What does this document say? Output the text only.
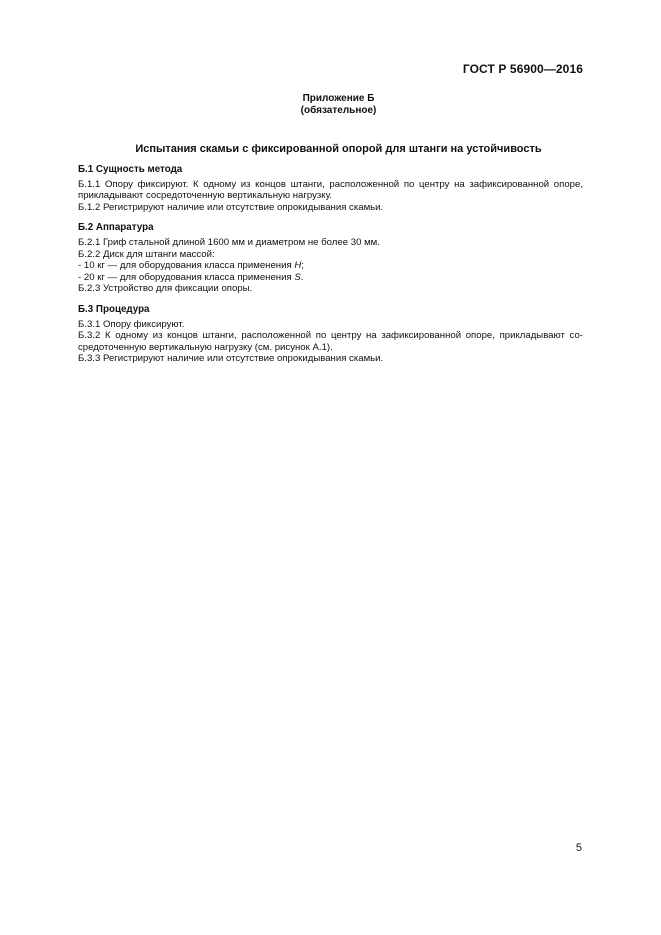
ГОСТ Р 56900—2016
Приложение Б
(обязательное)
Испытания скамьи с фиксированной опорой для штанги на устойчивость
Б.1 Сущность метода
Б.1.1 Опору фиксируют. К одному из концов штанги, расположенной по центру на зафиксированной опоре,
прикладывают сосредоточенную вертикальную нагрузку.
Б.1.2 Регистрируют наличие или отсутствие опрокидывания скамьи.
Б.2 Аппаратура
Б.2.1 Гриф стальной длиной 1600 мм и диаметром не более 30 мм.
Б.2.2 Диск для штанги массой:
- 10 кг — для оборудования класса применения Н;
- 20 кг — для оборудования класса применения S.
Б.2.3 Устройство для фиксации опоры.
Б.3 Процедура
Б.3.1 Опору фиксируют.
Б.3.2 К одному из концов штанги, расположенной по центру на зафиксированной опоре, прикладывают со-
средоточенную вертикальную нагрузку (см. рисунок А.1).
Б.3.3 Регистрируют наличие или отсутствие опрокидывания скамьи.
5
